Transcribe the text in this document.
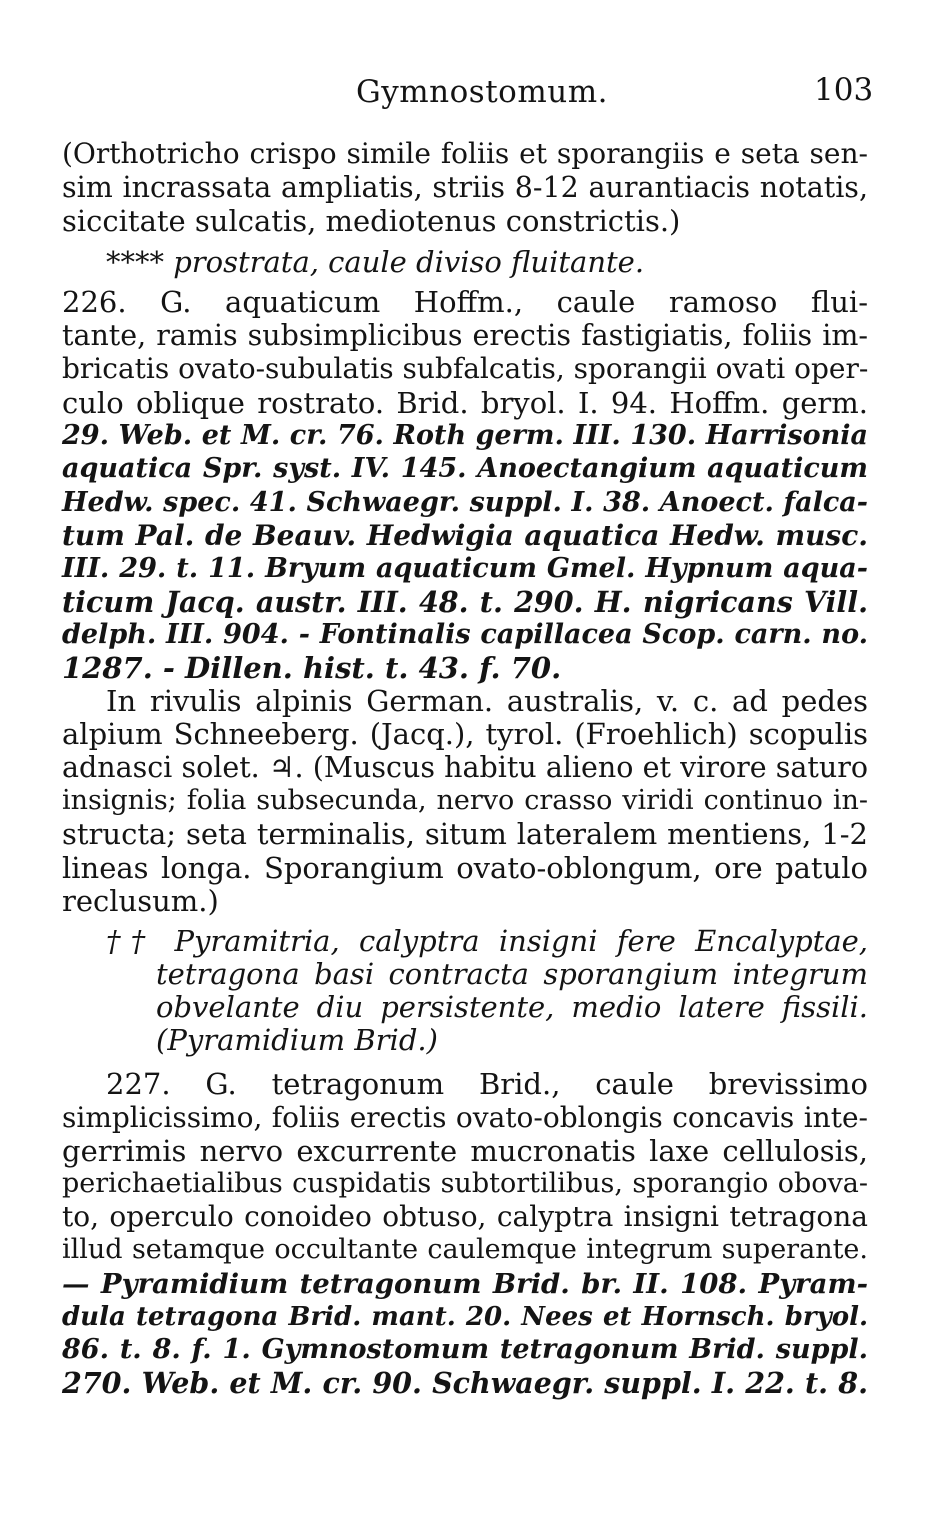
Gymnostomum.	103

(Orthotricho crispo simile foliis et sporangiis e seta sen-

sim incrassata ampliatis, striis 8-12 aurantiacis notatis,

siccitate sulcatis, mediotenus constrictis.)

**** prostrata, caule diviso fluitante.

226. G. aquaticum Hoffm., caule ramoso flui-

tante, ramis subsimplicibus erectis fastigiatis, foliis im-

bricatis ovato-subulatis subfalcatis, sporangii ovati oper-

culo oblique rostrato. Brid. bryol. I. 94. Hoffm. germ.

29. Web. et M. cr. 76. Roth germ. III. 130. Harrisonia

aquatica Spr. syst. IV. 145. Anoectangium aquaticum

Hedw. spec. 41. Schwaegr. suppl. I. 38. Anoect. falca-

tum Pal. de Beauv. Hedwigia aquatica Hedw. musc.

III. 29. t. 11. Bryum aquaticum Gmel. Hypnum aqua-

ticum Jacq. austr. III. 48. t. 290. H. nigricans Vill.

delph. III. 904. - Fontinalis capillacea Scop. carn. no.

1287. - Dillen. hist. t. 43. f. 70.

In rivulis alpinis German. australis, v. c. ad pedes

alpium Schneeberg. (Jacq.), tyrol. (Froehlich) scopulis

adnasci solet. ♃. (Muscus habitu alieno et virore saturo

insignis; folia subsecunda, nervo crasso viridi continuo in-

structa; seta terminalis, situm lateralem mentiens, 1-2

lineas longa. Sporangium ovato-oblongum, ore patulo

reclusum.)

†† Pyramitria, calyptra insigni fere Encalyptae,

tetragona basi contracta sporangium integrum

obvelante diu persistente, medio latere fissili.

(Pyramidium Brid.)

227. G. tetragonum Brid., caule brevissimo

simplicissimo, foliis erectis ovato-oblongis concavis inte-

gerrimis nervo excurrente mucronatis laxe cellulosis,

perichaetialibus cuspidatis subtortilibus, sporangio obova-

to, operculo conoideo obtuso, calyptra insigni tetragona

illud setamque occultante caulemque integrum superante.

— Pyramidium tetragonum Brid. br. II. 108. Pyram-

dula tetragona Brid. mant. 20. Nees et Hornsch. bryol.

86. t. 8. f. 1. Gymnostomum tetragonum Brid. suppl.

270. Web. et M. cr. 90. Schwaegr. suppl. I. 22. t. 8.
